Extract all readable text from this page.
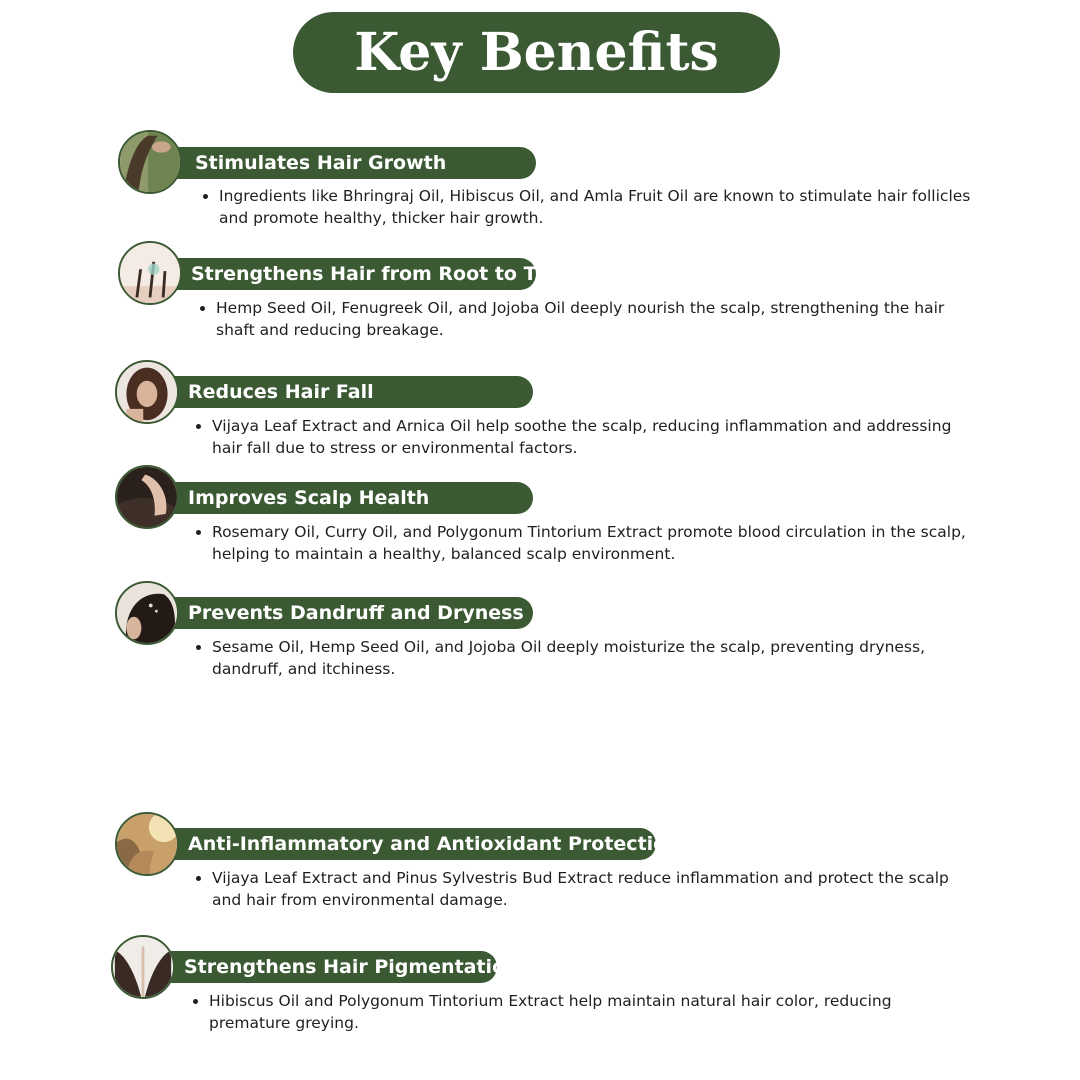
Key Benefits
Stimulates Hair Growth
Ingredients like Bhringraj Oil, Hibiscus Oil, and Amla Fruit Oil are known to stimulate hair follicles and promote healthy, thicker hair growth.
Strengthens Hair from Root to Tip
Hemp Seed Oil, Fenugreek Oil, and Jojoba Oil deeply nourish the scalp, strengthening the hair shaft and reducing breakage.
Reduces Hair Fall
Vijaya Leaf Extract and Arnica Oil help soothe the scalp, reducing inflammation and addressing hair fall due to stress or environmental factors.
Improves Scalp Health
Rosemary Oil, Curry Oil, and Polygonum Tintorium Extract promote blood circulation in the scalp, helping to maintain a healthy, balanced scalp environment.
Prevents Dandruff and Dryness
Sesame Oil, Hemp Seed Oil, and Jojoba Oil deeply moisturize the scalp, preventing dryness, dandruff, and itchiness.
Anti-Inflammatory and Antioxidant Protection
Vijaya Leaf Extract and Pinus Sylvestris Bud Extract reduce inflammation and protect the scalp and hair from environmental damage.
Strengthens Hair Pigmentation
Hibiscus Oil and Polygonum Tintorium Extract help maintain natural hair color, reducing premature greying.
